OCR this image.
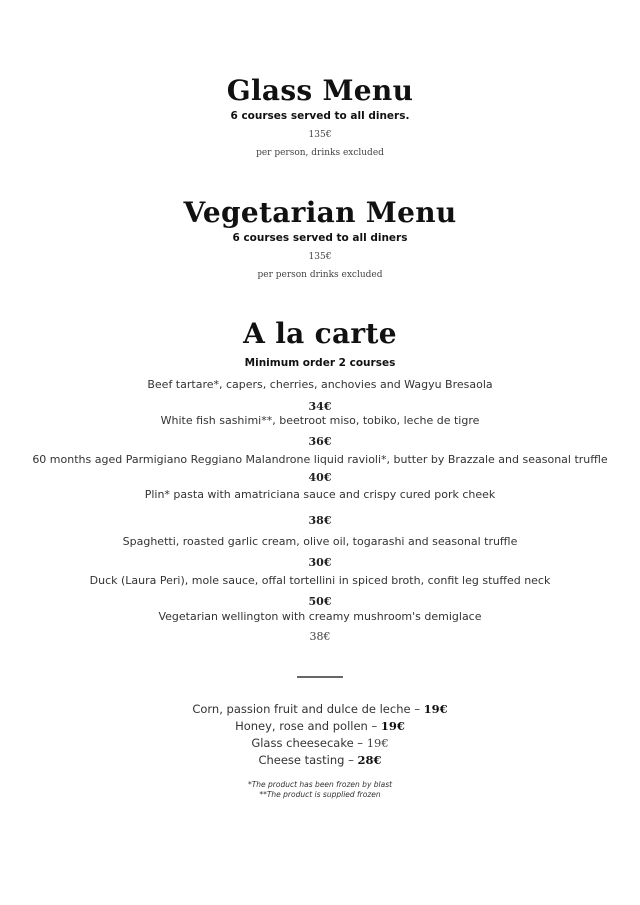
Glass Menu
6 courses served to all diners.
135€
per person, drinks excluded
Vegetarian Menu
6 courses served to all diners
135€
per person drinks excluded
A la carte
Minimum order 2 courses
Beef tartare*, capers, cherries, anchovies and Wagyu Bresaola
34€
White fish sashimi**, beetroot miso, tobiko, leche de tigre
36€
60 months aged Parmigiano Reggiano Malandrone liquid ravioli*, butter by Brazzale and seasonal truffle
40€
Plin* pasta with amatriciana sauce and crispy cured pork cheek
38€
Spaghetti, roasted garlic cream, olive oil, togarashi and seasonal truffle
30€
Duck (Laura Peri), mole sauce, offal tortellini in spiced broth, confit leg stuffed neck
50€
Vegetarian wellington with creamy mushroom's demiglace
38€
Corn, passion fruit and dulce de leche – 19€
Honey, rose and pollen – 19€
Glass cheesecake – 19€
Cheese tasting – 28€
*The product has been frozen by blast
**The product is supplied frozen
